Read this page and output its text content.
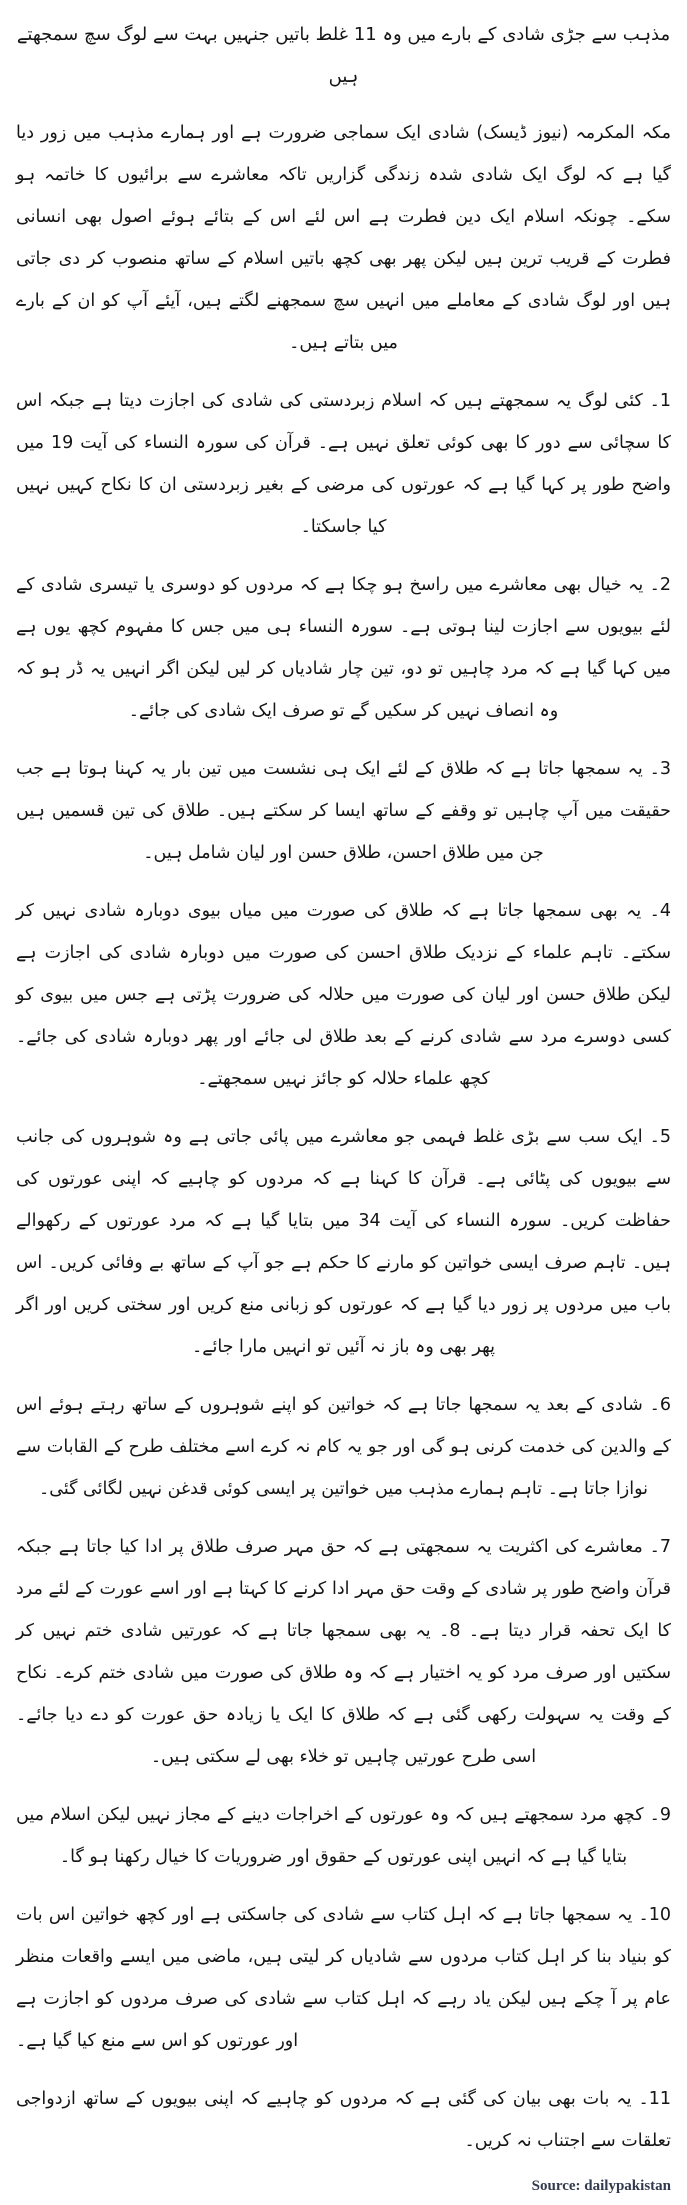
مذہب سے جڑی شادی کے بارے میں وہ 11 غلط باتیں جنہیں بہت سے لوگ سچ سمجھتے ہیں

مکہ المکرمہ (نیوز ڈیسک) شادی ایک سماجی ضرورت ہے اور ہمارے مذہب میں زور دیا گیا ہے کہ لوگ ایک شادی شدہ زندگی گزاریں تاکہ معاشرے سے برائیوں کا خاتمہ ہو سکے۔ چونکہ اسلام ایک دین فطرت ہے اس لئے اس کے بتائے ہوئے اصول بھی انسانی فطرت کے قریب ترین ہیں لیکن پھر بھی کچھ باتیں اسلام کے ساتھ منصوب کر دی جاتی ہیں اور لوگ شادی کے معاملے میں انہیں سچ سمجھنے لگتے ہیں، آیئے آپ کو ان کے بارے میں بتاتے ہیں۔

1۔ کئی لوگ یہ سمجھتے ہیں کہ اسلام زبردستی کی شادی کی اجازت دیتا ہے جبکہ اس کا سچائی سے دور کا بھی کوئی تعلق نہیں ہے۔ قرآن کی سورہ النساء کی آیت 19 میں واضح طور پر کہا گیا ہے کہ عورتوں کی مرضی کے بغیر زبردستی ان کا نکاح کہیں نہیں کیا جاسکتا۔

2۔ یہ خیال بھی معاشرے میں راسخ ہو چکا ہے کہ مردوں کو دوسری یا تیسری شادی کے لئے بیویوں سے اجازت لینا ہوتی ہے۔ سورہ النساء ہی میں جس کا مفہوم کچھ یوں ہے میں کہا گیا ہے کہ مرد چاہیں تو دو، تین چار شادیاں کر لیں لیکن اگر انہیں یہ ڈر ہو کہ وہ انصاف نہیں کر سکیں گے تو صرف ایک شادی کی جائے۔

3۔ یہ سمجھا جاتا ہے کہ طلاق کے لئے ایک ہی نشست میں تین بار یہ کہنا ہوتا ہے جب حقیقت میں آپ چاہیں تو وقفے کے ساتھ ایسا کر سکتے ہیں۔ طلاق کی تین قسمیں ہیں جن میں طلاق احسن، طلاق حسن اور لیان شامل ہیں۔

4۔ یہ بھی سمجھا جاتا ہے کہ طلاق کی صورت میں میاں بیوی دوبارہ شادی نہیں کر سکتے۔ تاہم علماء کے نزدیک طلاق احسن کی صورت میں دوبارہ شادی کی اجازت ہے لیکن طلاق حسن اور لیان کی صورت میں حلالہ کی ضرورت پڑتی ہے جس میں بیوی کو کسی دوسرے مرد سے شادی کرنے کے بعد طلاق لی جائے اور پھر دوبارہ شادی کی جائے۔ کچھ علماء حلالہ کو جائز نہیں سمجھتے۔

5۔ ایک سب سے بڑی غلط فہمی جو معاشرے میں پائی جاتی ہے وہ شوہروں کی جانب سے بیویوں کی پٹائی ہے۔ قرآن کا کہنا ہے کہ مردوں کو چاہیے کہ اپنی عورتوں کی حفاظت کریں۔ سورہ النساء کی آیت 34 میں بتایا گیا ہے کہ مرد عورتوں کے رکھوالے ہیں۔ تاہم صرف ایسی خواتین کو مارنے کا حکم ہے جو آپ کے ساتھ بے وفائی کریں۔ اس باب میں مردوں پر زور دیا گیا ہے کہ عورتوں کو زبانی منع کریں اور سختی کریں اور اگر پھر بھی وہ باز نہ آئیں تو انہیں مارا جائے۔

6۔ شادی کے بعد یہ سمجھا جاتا ہے کہ خواتین کو اپنے شوہروں کے ساتھ رہتے ہوئے اس کے والدین کی خدمت کرنی ہو گی اور جو یہ کام نہ کرے اسے مختلف طرح کے القابات سے نوازا جاتا ہے۔ تاہم ہمارے مذہب میں خواتین پر ایسی کوئی قدغن نہیں لگائی گئی۔

7۔ معاشرے کی اکثریت یہ سمجھتی ہے کہ حق مہر صرف طلاق پر ادا کیا جاتا ہے جبکہ قرآن واضح طور پر شادی کے وقت حق مہر ادا کرنے کا کہتا ہے اور اسے عورت کے لئے مرد کا ایک تحفہ قرار دیتا ہے۔ 8۔ یہ بھی سمجھا جاتا ہے کہ عورتیں شادی ختم نہیں کر سکتیں اور صرف مرد کو یہ اختیار ہے کہ وہ طلاق کی صورت میں شادی ختم کرے۔ نکاح کے وقت یہ سہولت رکھی گئی ہے کہ طلاق کا ایک یا زیادہ حق عورت کو دے دیا جائے۔ اسی طرح عورتیں چاہیں تو خلاء بھی لے سکتی ہیں۔

9۔ کچھ مرد سمجھتے ہیں کہ وہ عورتوں کے اخراجات دینے کے مجاز نہیں لیکن اسلام میں بتایا گیا ہے کہ انہیں اپنی عورتوں کے حقوق اور ضروریات کا خیال رکھنا ہو گا۔

10۔ یہ سمجھا جاتا ہے کہ اہل کتاب سے شادی کی جاسکتی ہے اور کچھ خواتین اس بات کو بنیاد بنا کر اہل کتاب مردوں سے شادیاں کر لیتی ہیں، ماضی میں ایسے واقعات منظر عام پر آ چکے ہیں لیکن یاد رہے کہ اہل کتاب سے شادی کی صرف مردوں کو اجازت ہے اور عورتوں کو اس سے منع کیا گیا ہے۔

11۔ یہ بات بھی بیان کی گئی ہے کہ مردوں کو چاہیے کہ اپنی بیویوں کے ساتھ ازدواجی تعلقات سے اجتناب نہ کریں۔

Source: dailypakistan
